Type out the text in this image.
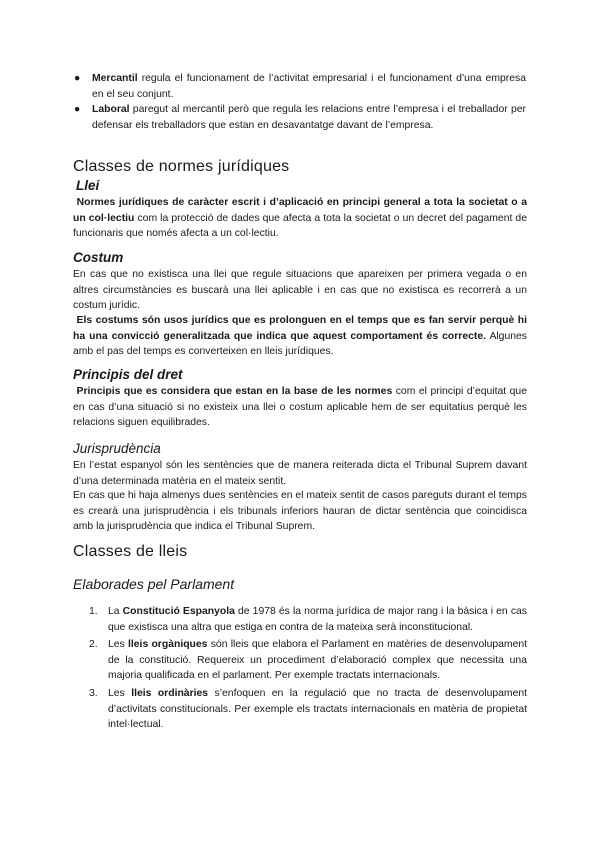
● Mercantil regula el funcionament de l’activitat empresarial i el funcionament d’una empresa en el seu conjunt.
● Laboral paregut al mercantil però que regula les relacions entre l’empresa i el treballador per defensar els treballadors que estan en desavantatge davant de l’empresa.
Classes de normes jurídiques
Llei

Normes jurídiques de caràcter escrit i d’aplicació en principi general a tota la societat o a un col·lectiu com la protecció de dades que afecta a tota la societat o un decret del pagament de funcionaris que només afecta a un col·lectiu.

Costum

En cas que no existisca una llei que regule situacions que apareixen per primera vegada o en altres circumstàncies es buscarà una llei aplicable i en cas que no existisca es recorrerà a un costum jurídic.

Els costums són usos jurídics que es prolonguen en el temps que es fan servir perquè hi ha una convicció generalitzada que indica que aquest comportament és correcte. Algunes amb el pas del temps es converteixen en lleis jurídiques.

Principis del dret

Principis que es considera que estan en la base de les normes com el principi d’equitat que en cas d’una situació si no existeix una llei o costum aplicable hem de ser equitatius perquè les relacions siguen equilibrades.

Jurisprudència

En l’estat espanyol són les sentències que de manera reiterada dicta el Tribunal Suprem davant d’una determinada matèria en el mateix sentit.

En cas que hi haja almenys dues sentències en el mateix sentit de casos pareguts durant el temps es crearà una jurisprudència i els tribunals inferiors hauran de dictar sentència que coincidisca amb la jurisprudència que indica el Tribunal Suprem.

Classes de lleis
Elaborades pel Parlament
1. La Constitució Espanyola de 1978 és la norma jurídica de major rang i la bàsica i en cas que existisca una altra que estiga en contra de la mateixa serà inconstitucional.
2. Les lleis orgàniques són lleis que elabora el Parlament en matèries de desenvolupament de la constitució. Requereix un procediment d’elaboració complex que necessita una majoria qualificada en el parlament. Per exemple tractats internacionals.
3. Les lleis ordinàries s’enfoquen en la regulació que no tracta de desenvolupament d’activitats constitucionals. Per exemple els tractats internacionals en matèria de propietat intel·lectual.
